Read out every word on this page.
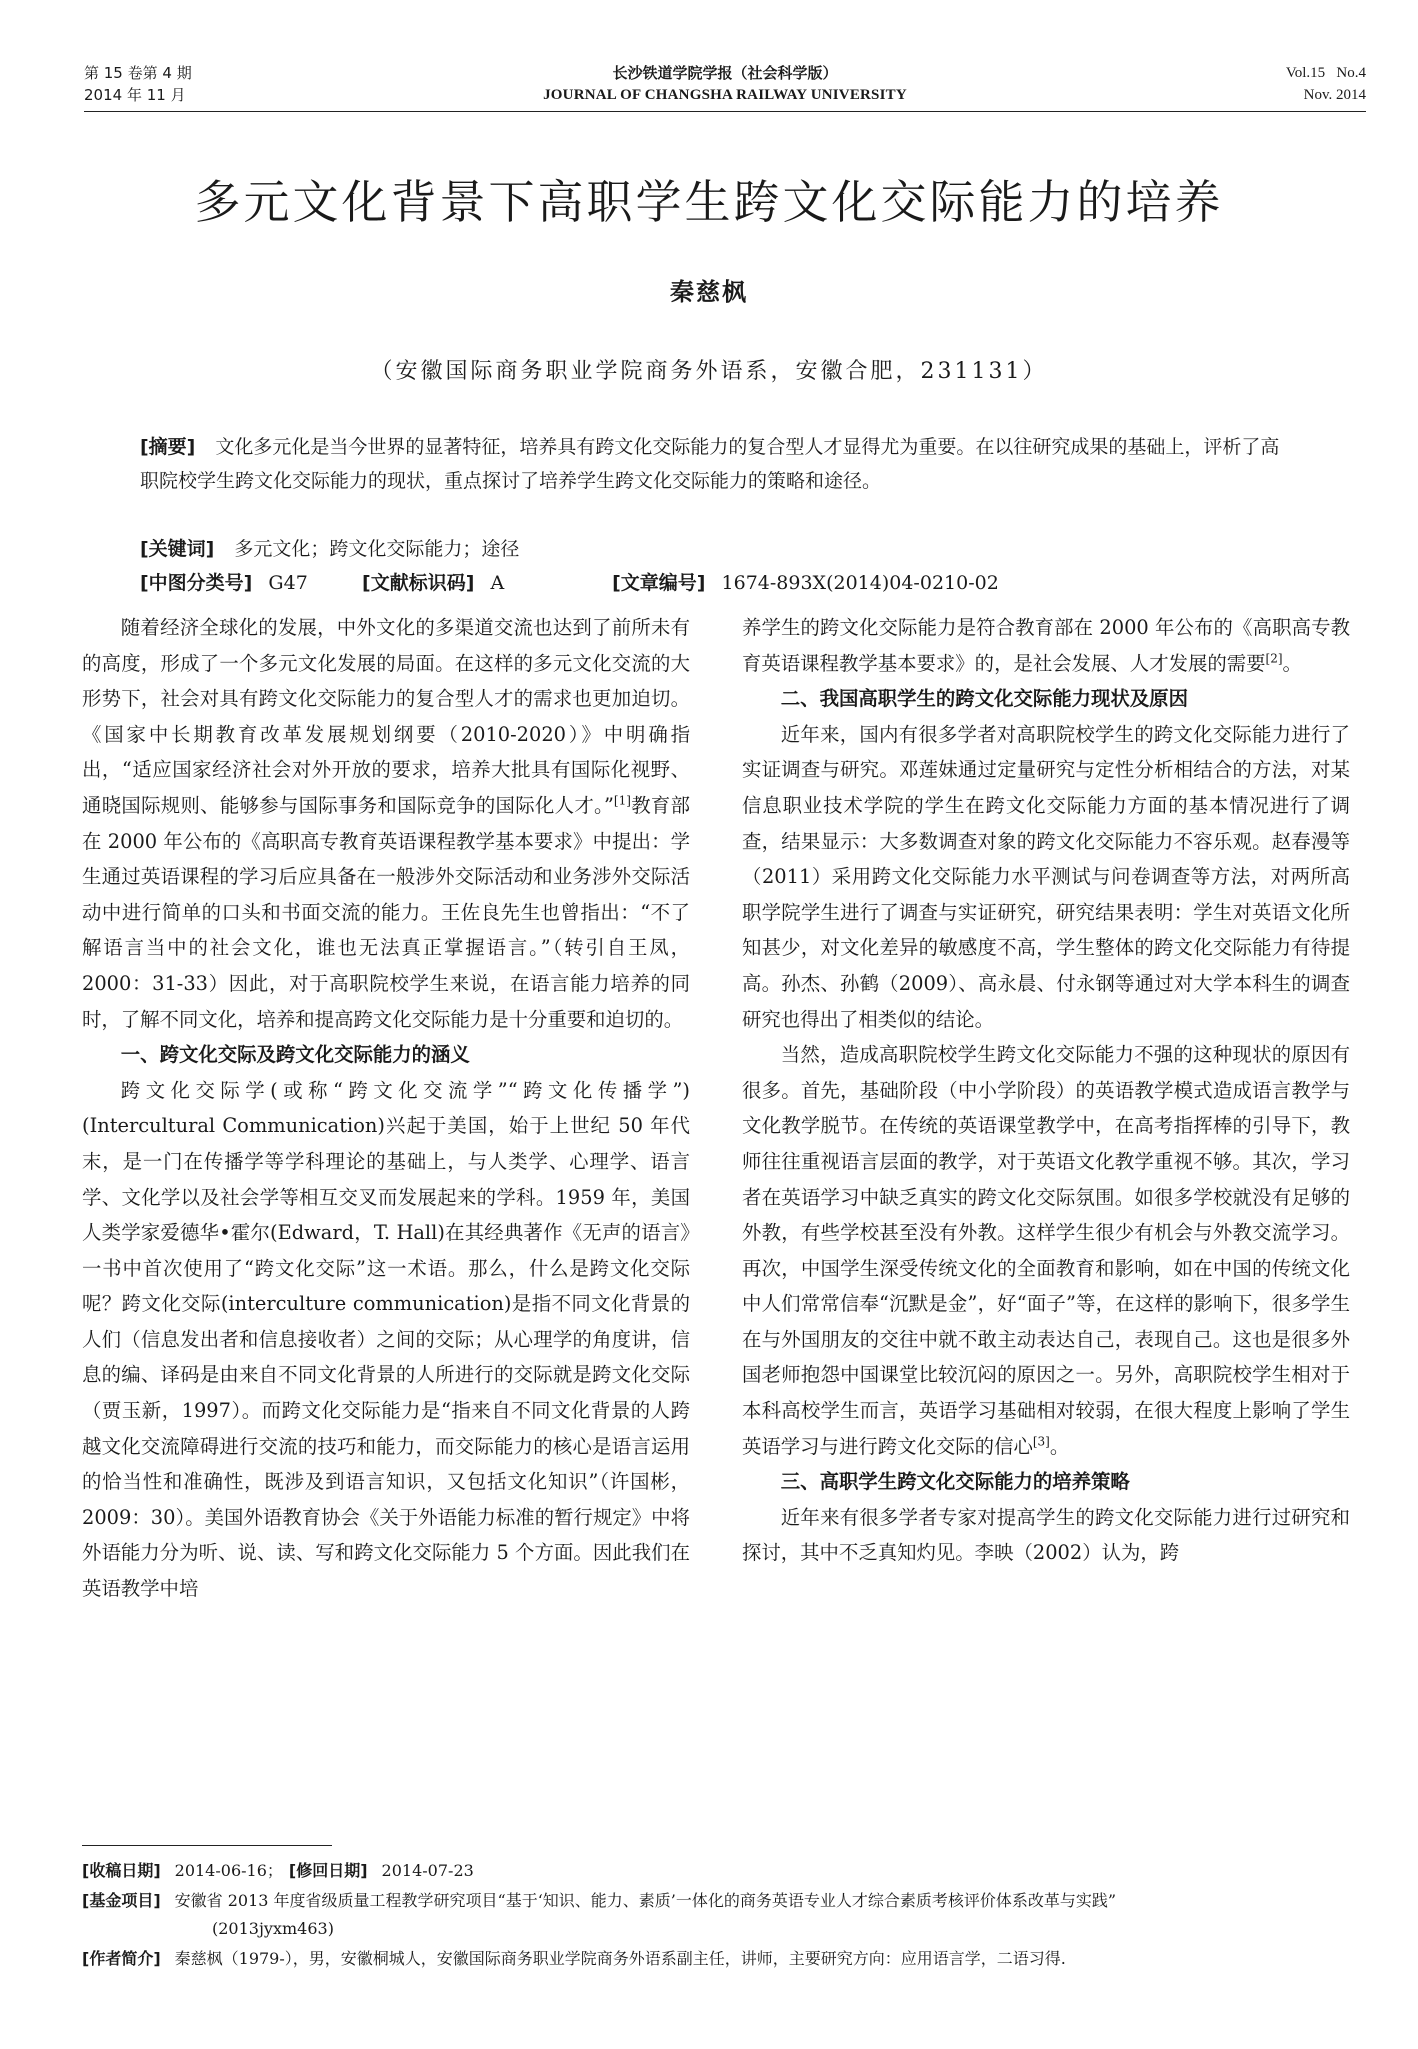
第 15 卷第 4 期
2014 年 11 月
长沙铁道学院学报（社会科学版）
JOURNAL OF CHANGSHA RAILWAY UNIVERSITY
Vol.15   No.4
Nov. 2014
多元文化背景下高职学生跨文化交际能力的培养
秦慈枫
（安徽国际商务职业学院商务外语系，安徽合肥，231131）
[摘要] 文化多元化是当今世界的显著特征，培养具有跨文化交际能力的复合型人才显得尤为重要。在以往研究成果的基础上，评析了高职院校学生跨文化交际能力的现状，重点探讨了培养学生跨文化交际能力的策略和途径。
[关键词] 多元文化；跨文化交际能力；途径
[中图分类号] G47	[文献标识码] A	[文章编号] 1674-893X(2014)04-0210-02

随着经济全球化的发展，中外文化的多渠道交流也达到了前所未有的高度，形成了一个多元文化发展的局面。在这样的多元文化交流的大形势下，社会对具有跨文化交际能力的复合型人才的需求也更加迫切。《国家中长期教育改革发展规划纲要（2010-2020）》中明确指出，“适应国家经济社会对外开放的要求，培养大批具有国际化视野、通晓国际规则、能够参与国际事务和国际竞争的国际化人才。”[1]教育部在 2000 年公布的《高职高专教育英语课程教学基本要求》中提出：学生通过英语课程的学习后应具备在一般涉外交际活动和业务涉外交际活动中进行简单的口头和书面交流的能力。王佐良先生也曾指出：“不了解语言当中的社会文化，谁也无法真正掌握语言。”（转引自王凤，2000：31-33）因此，对于高职院校学生来说，在语言能力培养的同时，了解不同文化，培养和提高跨文化交际能力是十分重要和迫切的。

一、跨文化交际及跨文化交际能力的涵义

跨文化交际学(或称“跨文化交流学”“跨文化传播学”)(Intercultural Communication)兴起于美国，始于上世纪 50 年代末，是一门在传播学等学科理论的基础上，与人类学、心理学、语言学、文化学以及社会学等相互交叉而发展起来的学科。1959 年，美国人类学家爱德华•霍尔(Edward，T. Hall)在其经典著作《无声的语言》一书中首次使用了“跨文化交际”这一术语。那么，什么是跨文化交际呢？跨文化交际(interculture communication)是指不同文化背景的人们（信息发出者和信息接收者）之间的交际；从心理学的角度讲，信息的编、译码是由来自不同文化背景的人所进行的交际就是跨文化交际（贾玉新，1997）。而跨文化交际能力是“指来自不同文化背景的人跨越文化交流障碍进行交流的技巧和能力，而交际能力的核心是语言运用的恰当性和准确性，既涉及到语言知识，又包括文化知识”（许国彬，2009：30）。美国外语教育协会《关于外语能力标准的暂行规定》中将外语能力分为听、说、读、写和跨文化交际能力 5 个方面。因此我们在英语教学中培

养学生的跨文化交际能力是符合教育部在 2000 年公布的《高职高专教育英语课程教学基本要求》的，是社会发展、人才发展的需要[2]。

二、我国高职学生的跨文化交际能力现状及原因

近年来，国内有很多学者对高职院校学生的跨文化交际能力进行了实证调查与研究。邓莲妹通过定量研究与定性分析相结合的方法，对某信息职业技术学院的学生在跨文化交际能力方面的基本情况进行了调查，结果显示：大多数调查对象的跨文化交际能力不容乐观。赵春漫等（2011）采用跨文化交际能力水平测试与问卷调查等方法，对两所高职学院学生进行了调查与实证研究，研究结果表明：学生对英语文化所知甚少，对文化差异的敏感度不高，学生整体的跨文化交际能力有待提高。孙杰、孙鹤（2009）、高永晨、付永钢等通过对大学本科生的调查研究也得出了相类似的结论。

当然，造成高职院校学生跨文化交际能力不强的这种现状的原因有很多。首先，基础阶段（中小学阶段）的英语教学模式造成语言教学与文化教学脱节。在传统的英语课堂教学中，在高考指挥棒的引导下，教师往往重视语言层面的教学，对于英语文化教学重视不够。其次，学习者在英语学习中缺乏真实的跨文化交际氛围。如很多学校就没有足够的外教，有些学校甚至没有外教。这样学生很少有机会与外教交流学习。再次，中国学生深受传统文化的全面教育和影响，如在中国的传统文化中人们常常信奉“沉默是金”，好“面子”等，在这样的影响下，很多学生在与外国朋友的交往中就不敢主动表达自己，表现自己。这也是很多外国老师抱怨中国课堂比较沉闷的原因之一。另外，高职院校学生相对于本科高校学生而言，英语学习基础相对较弱，在很大程度上影响了学生英语学习与进行跨文化交际的信心[3]。

三、高职学生跨文化交际能力的培养策略

近年来有很多学者专家对提高学生的跨文化交际能力进行过研究和探讨，其中不乏真知灼见。李映（2002）认为，跨

[收稿日期] 2014-06-16； [修回日期] 2014-07-23
[基金项目] 安徽省 2013 年度省级质量工程教学研究项目“基于‘知识、能力、素质’一体化的商务英语专业人才综合素质考核评价体系改革与实践”
(2013jyxm463)
[作者简介] 秦慈枫（1979-），男，安徽桐城人，安徽国际商务职业学院商务外语系副主任，讲师，主要研究方向：应用语言学，二语习得.
